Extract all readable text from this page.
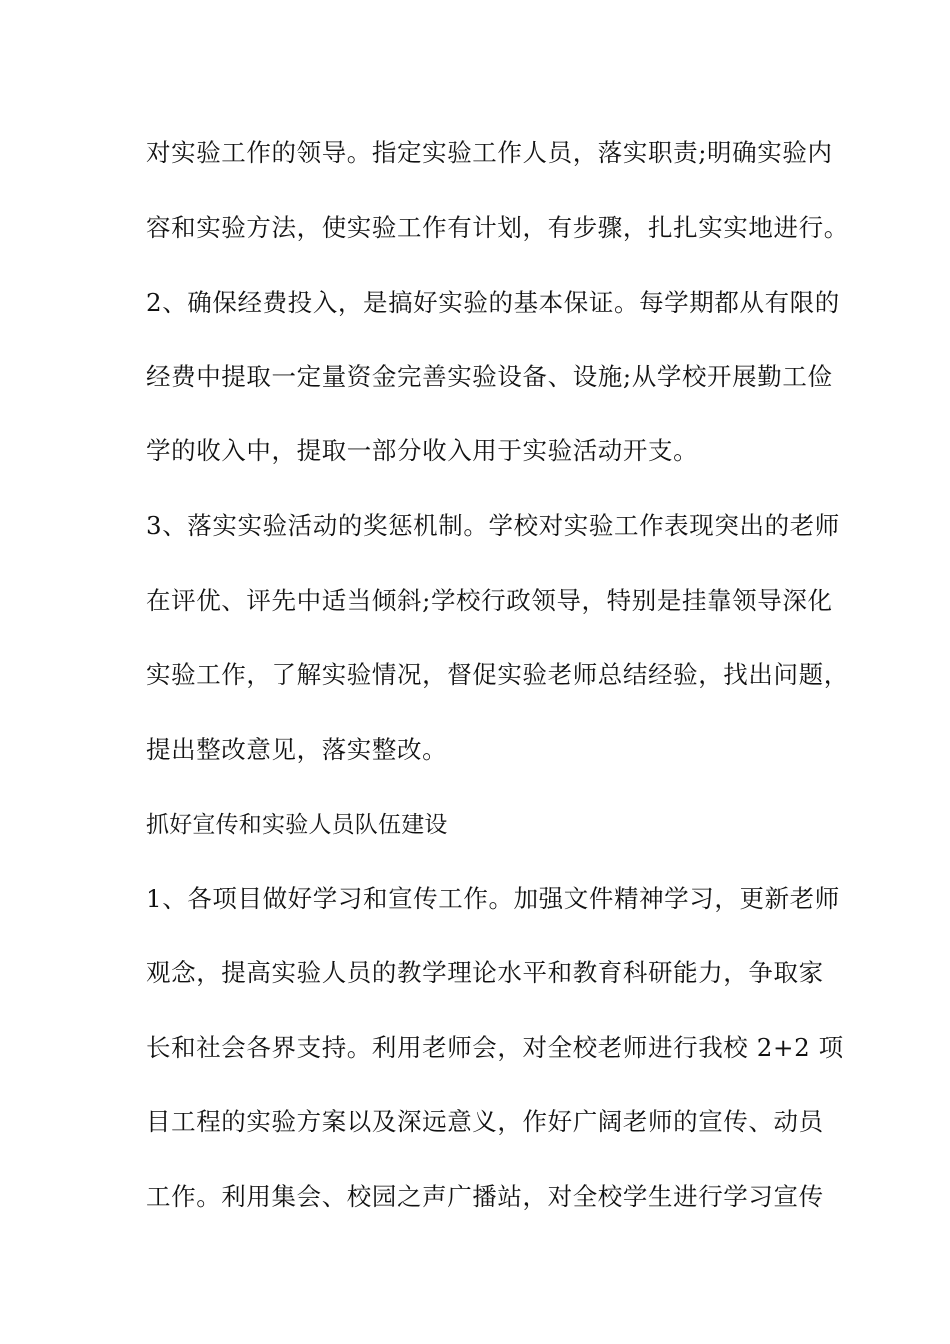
对实验工作的领导。指定实验工作人员，落实职责;明确实验内
容和实验方法，使实验工作有计划，有步骤，扎扎实实地进行。
2、确保经费投入，是搞好实验的基本保证。每学期都从有限的
经费中提取一定量资金完善实验设备、设施;从学校开展勤工俭
学的收入中，提取一部分收入用于实验活动开支。
3、落实实验活动的奖惩机制。学校对实验工作表现突出的老师
在评优、评先中适当倾斜;学校行政领导，特别是挂靠领导深化
实验工作，了解实验情况，督促实验老师总结经验，找出问题，
提出整改意见，落实整改。
抓好宣传和实验人员队伍建设
1、各项目做好学习和宣传工作。加强文件精神学习，更新老师
观念，提高实验人员的教学理论水平和教育科研能力，争取家
长和社会各界支持。利用老师会，对全校老师进行我校 2+2 项
目工程的实验方案以及深远意义，作好广阔老师的宣传、动员
工作。利用集会、校园之声广播站，对全校学生进行学习宣传
